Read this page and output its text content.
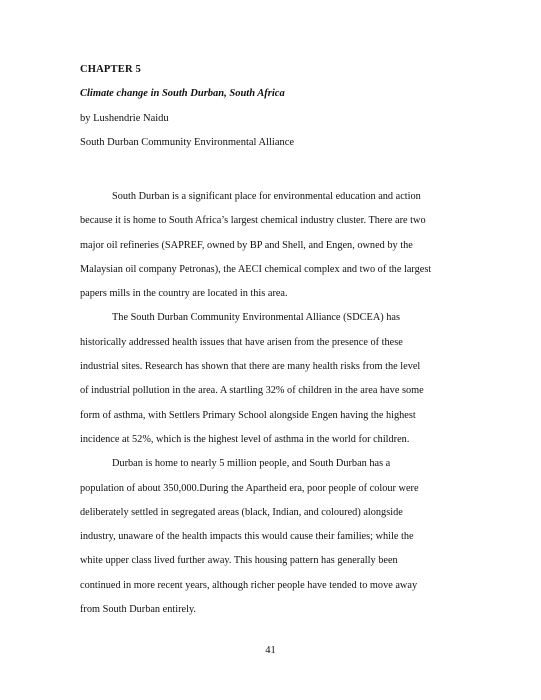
CHAPTER 5

Climate change in South Durban, South Africa

by Lushendrie Naidu

South Durban Community Environmental Alliance

South Durban is a significant place for environmental education and action
because it is home to South Africa’s largest chemical industry cluster. There are two
major oil refineries (SAPREF, owned by BP and Shell, and Engen, owned by the
Malaysian oil company Petronas), the AECI chemical complex and two of the largest
papers mills in the country are located in this area.

The South Durban Community Environmental Alliance (SDCEA) has
historically addressed health issues that have arisen from the presence of these
industrial sites. Research has shown that there are many health risks from the level
of industrial pollution in the area. A startling 32% of children in the area have some
form of asthma, with Settlers Primary School alongside Engen having the highest
incidence at 52%, which is the highest level of asthma in the world for children.

Durban is home to nearly 5 million people, and South Durban has a
population of about 350,000.During the Apartheid era, poor people of colour were
deliberately settled in segregated areas (black, Indian, and coloured) alongside
industry, unaware of the health impacts this would cause their families; while the
white upper class lived further away. This housing pattern has generally been
continued in more recent years, although richer people have tended to move away
from South Durban entirely.

41
